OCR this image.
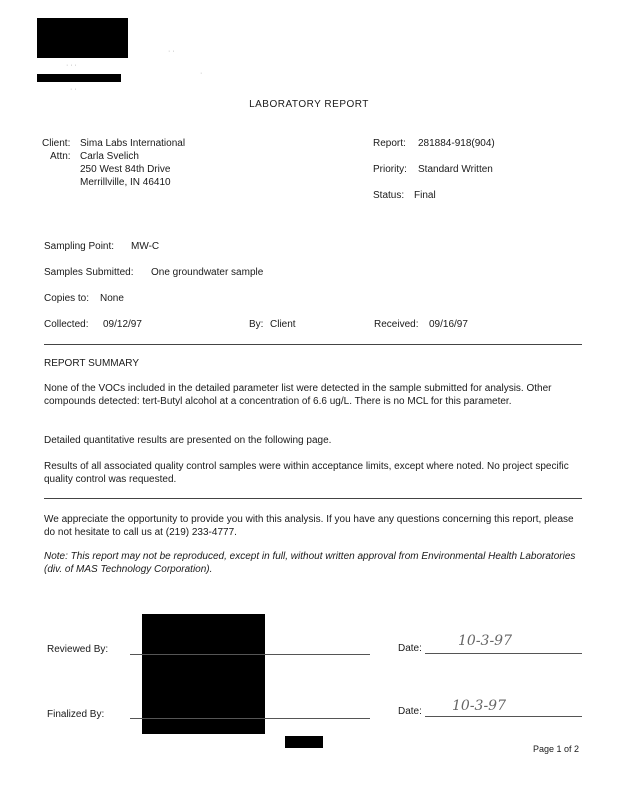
· · ·
· ·
· ·
·
LABORATORY REPORT
Client: Sima Labs International
Attn: Carla Svelich
250 West 84th Drive
Merrillville, IN 46410
Report: 281884-918(904)
Priority: Standard Written
Status: Final
Sampling Point: MW-C
Samples Submitted: One groundwater sample
Copies to: None
Collected: 09/12/97	By: Client	Received: 09/16/97
REPORT SUMMARY
None of the VOCs included in the detailed parameter list were detected in the sample submitted for analysis. Other compounds detected: tert-Butyl alcohol at a concentration of 6.6 ug/L. There is no MCL for this parameter.
Detailed quantitative results are presented on the following page.
Results of all associated quality control samples were within acceptance limits, except where noted. No project specific quality control was requested.
We appreciate the opportunity to provide you with this analysis. If you have any questions concerning this report, please do not hesitate to call us at (219) 233-4777.
Note: This report may not be reproduced, except in full, without written approval from Environmental Health Laboratories (div. of MAS Technology Corporation).
Reviewed By:	Date:	10-3-97
Finalized By:	Date: 10-3-97
Page 1 of 2
